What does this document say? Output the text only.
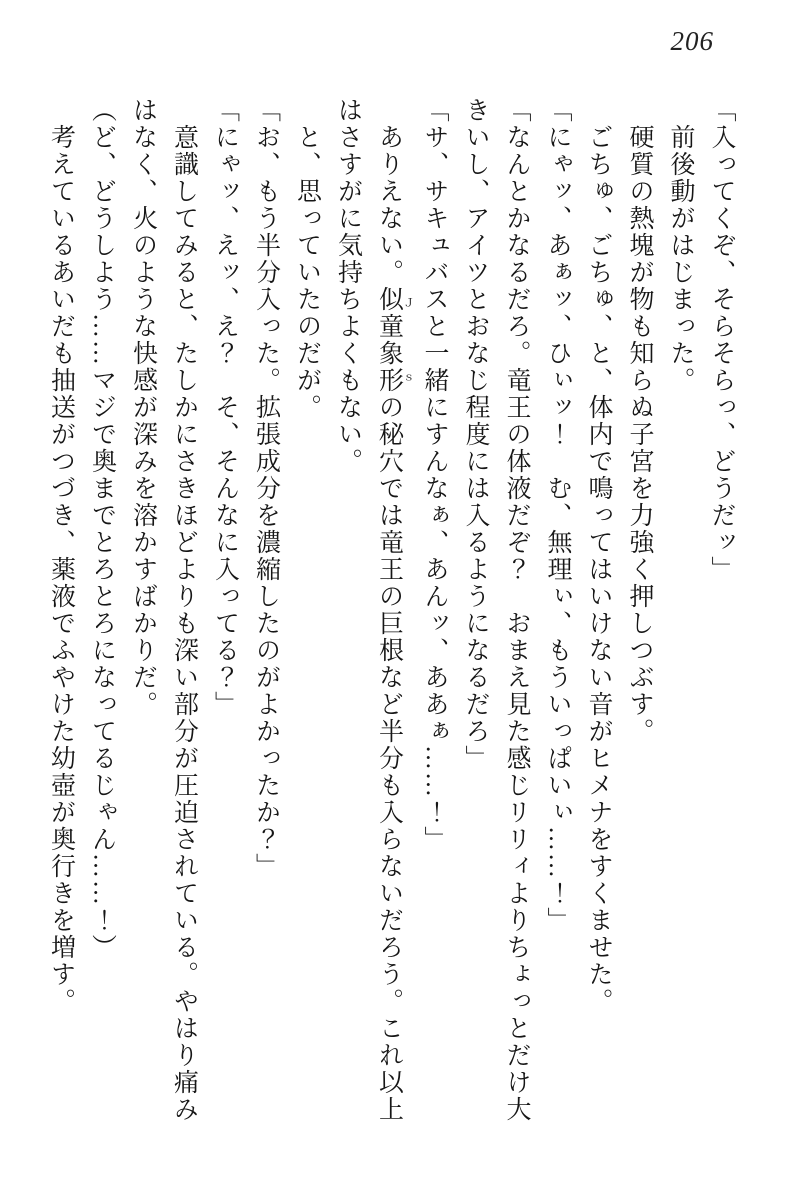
206

「入ってくぞ、そらそらっ、どうだッ」

　前後動がはじまった。

　硬質の熱塊が物も知らぬ子宮を力強く押しつぶす。

　ごちゅ、ごちゅ、と、体内で鳴ってはいけない音がヒメナをすくませた。

「にゃッ、あぁッ、ひぃッ！　む、無理ぃ、もういっぱいぃ……！」

「なんとかなるだろ。竜王の体液だぞ？　おまえ見た感じリリィよりちょっとだけ大

きいし、アイツとおなじ程度には入るようになるだろ」

「サ、サキュバスと一緒にすんなぁ、あんッ、ああぁ……！」

　ありえない。似童象形 Ｊｓの秘穴では竜王の巨根など半分も入らないだろう。これ以上

はさすがに気持ちよくもない。

　と、思っていたのだが。

「お、もう半分入った。拡張成分を濃縮したのがよかったか？」

「にゃッ、えッ、え？　そ、そんなに入ってる？」

　意識してみると、たしかにさきほどよりも深い部分が圧迫されている。やはり痛み

はなく、火のような快感が深みを溶かすばかりだ。

（ど、どうしよう……マジで奥までとろとろになってるじゃん……！）

　考えているあいだも抽送がつづき、薬液でふやけた幼壺が奥行きを増す。
